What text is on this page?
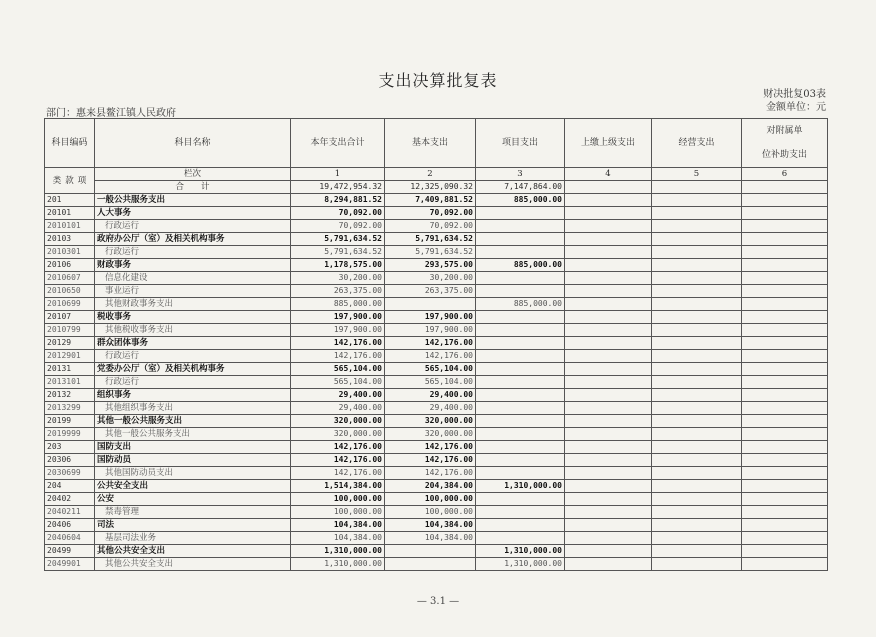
支出决算批复表
部门：惠来县鳌江镇人民政府
财决批复03表
金额单位：元
科目编码	科目名称	本年支出合计	基本支出	项目支出	上缴上级支出	经营支出	对附属单
位补助支出

类 款 项	栏次	1	2	3	4	5	6
	合　　计	19,472,954.32	12,325,090.32	7,147,864.00			
201	一般公共服务支出	8,294,881.52	7,409,881.52	885,000.00			
20101	人大事务	70,092.00	70,092.00				
2010101	行政运行	70,092.00	70,092.00				
20103	政府办公厅（室）及相关机构事务	5,791,634.52	5,791,634.52				
2010301	行政运行	5,791,634.52	5,791,634.52				
20106	财政事务	1,178,575.00	293,575.00	885,000.00			
2010607	信息化建设	30,200.00	30,200.00				
2010650	事业运行	263,375.00	263,375.00				
2010699	其他财政事务支出	885,000.00		885,000.00			
20107	税收事务	197,900.00	197,900.00				
2010799	其他税收事务支出	197,900.00	197,900.00				
20129	群众团体事务	142,176.00	142,176.00				
2012901	行政运行	142,176.00	142,176.00				
20131	党委办公厅（室）及相关机构事务	565,104.00	565,104.00				
2013101	行政运行	565,104.00	565,104.00				
20132	组织事务	29,400.00	29,400.00				
2013299	其他组织事务支出	29,400.00	29,400.00				
20199	其他一般公共服务支出	320,000.00	320,000.00				
2019999	其他一般公共服务支出	320,000.00	320,000.00				
203	国防支出	142,176.00	142,176.00				
20306	国防动员	142,176.00	142,176.00				
2030699	其他国防动员支出	142,176.00	142,176.00				
204	公共安全支出	1,514,384.00	204,384.00	1,310,000.00			
20402	公安	100,000.00	100,000.00				
2040211	禁毒管理	100,000.00	100,000.00				
20406	司法	104,384.00	104,384.00				
2040604	基层司法业务	104,384.00	104,384.00				
20499	其他公共安全支出	1,310,000.00		1,310,000.00			
2049901	其他公共安全支出	1,310,000.00		1,310,000.00			
— 3.1 —
